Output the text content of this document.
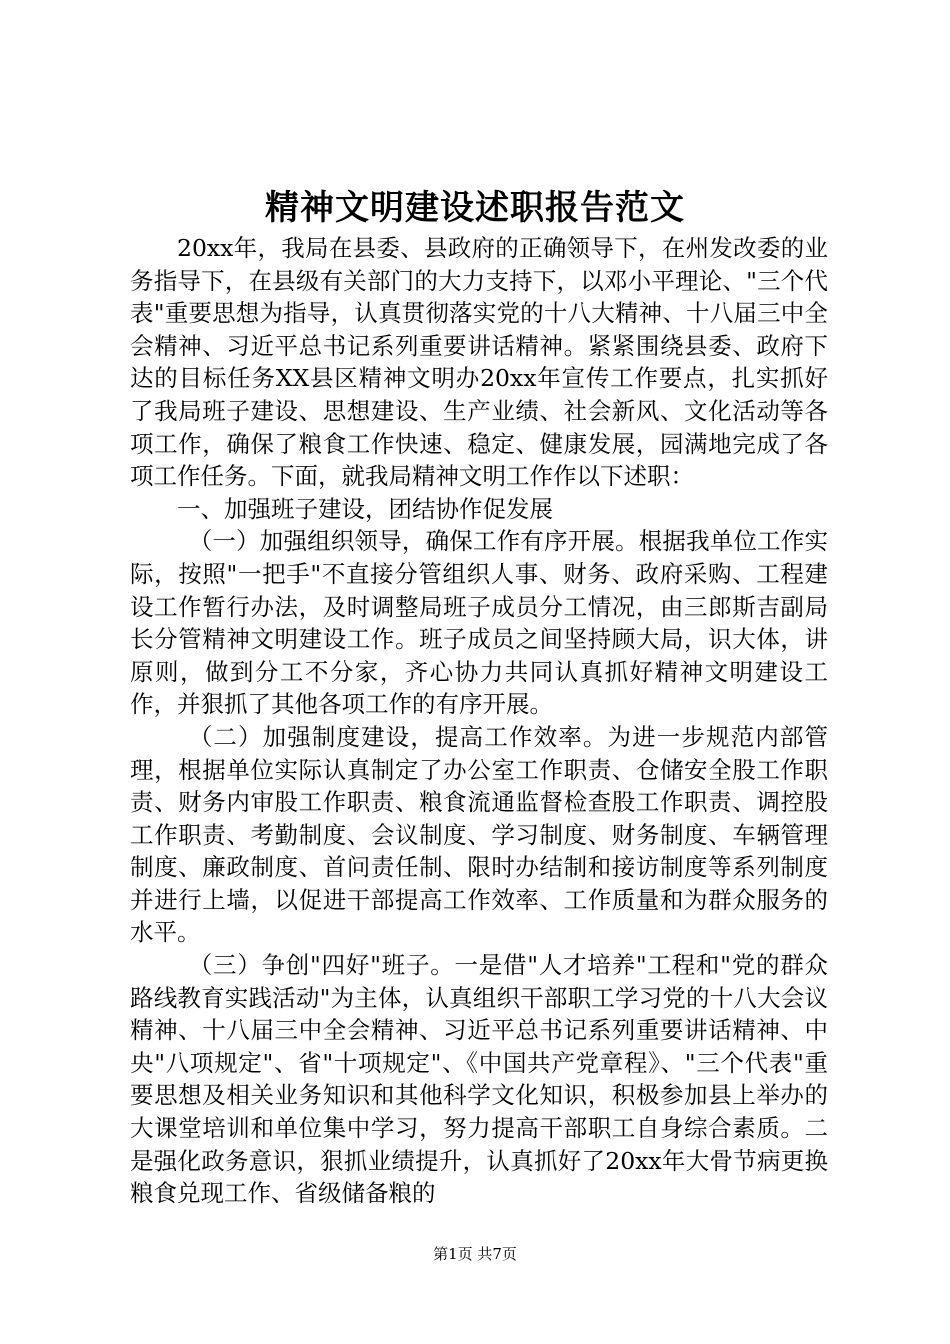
精神文明建设述职报告范文

20xx年，我局在县委、县政府的正确领导下，在州发改委的业务指导下，在县级有关部门的大力支持下，以邓小平理论、"三个代表"重要思想为指导，认真贯彻落实党的十八大精神、十八届三中全会精神、习近平总书记系列重要讲话精神。紧紧围绕县委、政府下达的目标任务XX县区精神文明办20xx年宣传工作要点，扎实抓好了我局班子建设、思想建设、生产业绩、社会新风、文化活动等各项工作，确保了粮食工作快速、稳定、健康发展，园满地完成了各项工作任务。下面，就我局精神文明工作作以下述职：

一、加强班子建设，团结协作促发展

（一）加强组织领导，确保工作有序开展。根据我单位工作实际，按照"一把手"不直接分管组织人事、财务、政府采购、工程建设工作暂行办法，及时调整局班子成员分工情况，由三郎斯吉副局长分管精神文明建设工作。班子成员之间坚持顾大局，识大体，讲原则，做到分工不分家，齐心协力共同认真抓好精神文明建设工作，并狠抓了其他各项工作的有序开展。

（二）加强制度建设，提高工作效率。为进一步规范内部管理，根据单位实际认真制定了办公室工作职责、仓储安全股工作职责、财务内审股工作职责、粮食流通监督检查股工作职责、调控股工作职责、考勤制度、会议制度、学习制度、财务制度、车辆管理制度、廉政制度、首问责任制、限时办结制和接访制度等系列制度并进行上墙，以促进干部提高工作效率、工作质量和为群众服务的水平。

（三）争创"四好"班子。一是借"人才培养"工程和"党的群众路线教育实践活动"为主体，认真组织干部职工学习党的十八大会议精神、十八届三中全会精神、习近平总书记系列重要讲话精神、中央"八项规定"、省"十项规定"、《中国共产党章程》、"三个代表"重要思想及相关业务知识和其他科学文化知识，积极参加县上举办的大课堂培训和单位集中学习，努力提高干部职工自身综合素质。二是强化政务意识，狠抓业绩提升，认真抓好了20xx年大骨节病更换粮食兑现工作、省级储备粮的

第1页 共7页
